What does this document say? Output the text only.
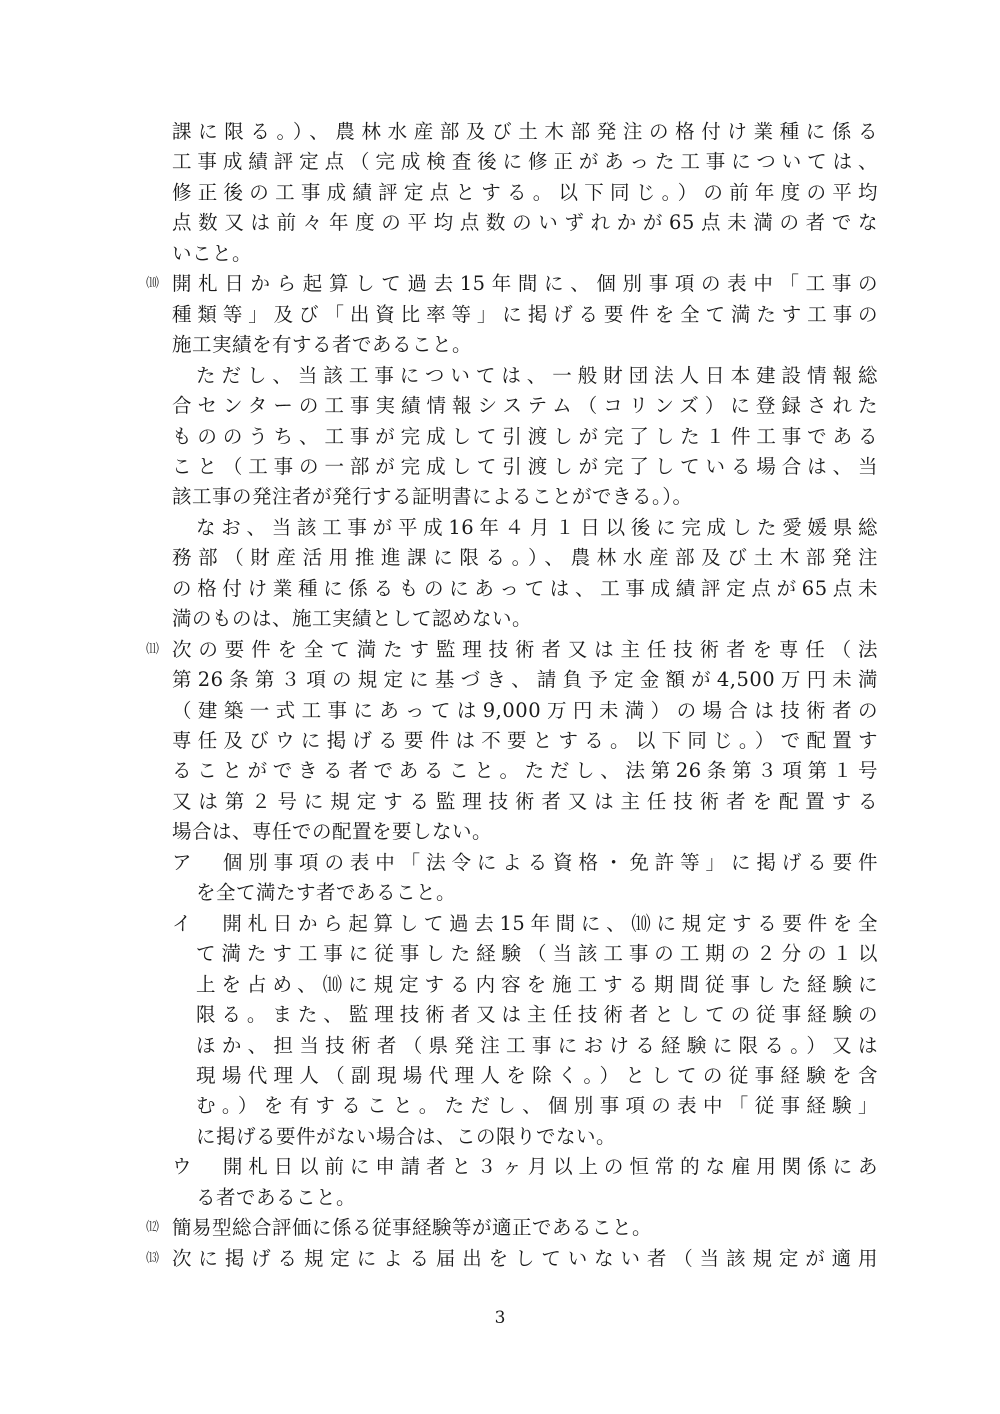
課に限る。）、農林水産部及び土木部発注の格付け業種に係る
工事成績評定点（完成検査後に修正があった工事については、
修正後の工事成績評定点とする。以下同じ。）の前年度の平均
点数又は前々年度の平均点数のいずれかが65点未満の者でな
いこと。
⑽ 開札日から起算して過去15年間に、個別事項の表中「工事の
種類等」及び「出資比率等」に掲げる要件を全て満たす工事の
施工実績を有する者であること。
ただし、当該工事については、一般財団法人日本建設情報総
合センターの工事実績情報システム（コリンズ）に登録された
もののうち、工事が完成して引渡しが完了した１件工事である
こと（工事の一部が完成して引渡しが完了している場合は、当
該工事の発注者が発行する証明書によることができる。）。
なお、当該工事が平成16年４月１日以後に完成した愛媛県総
務部（財産活用推進課に限る。）、農林水産部及び土木部発注
の格付け業種に係るものにあっては、工事成績評定点が65点未
満のものは、施工実績として認めない。
⑾ 次の要件を全て満たす監理技術者又は主任技術者を専任（法
第26条第３項の規定に基づき、請負予定金額が4,500万円未満
（建築一式工事にあっては9,000万円未満）の場合は技術者の
専任及びウに掲げる要件は不要とする。以下同じ。）で配置す
ることができる者であること。ただし、法第26条第３項第１号
又は第２号に規定する監理技術者又は主任技術者を配置する
場合は、専任での配置を要しない。
ア　個別事項の表中「法令による資格・免許等」に掲げる要件
を全て満たす者であること。
イ　開札日から起算して過去15年間に、⑽に規定する要件を全
て満たす工事に従事した経験（当該工事の工期の２分の１以
上を占め、⑽に規定する内容を施工する期間従事した経験に
限る。また、監理技術者又は主任技術者としての従事経験の
ほか、担当技術者（県発注工事における経験に限る。）又は
現場代理人（副現場代理人を除く。）としての従事経験を含
む。）を有すること。ただし、個別事項の表中「従事経験」
に掲げる要件がない場合は、この限りでない。
ウ　開札日以前に申請者と３ヶ月以上の恒常的な雇用関係にあ
る者であること。
⑿ 簡易型総合評価に係る従事経験等が適正であること。
⒀ 次に掲げる規定による届出をしていない者（当該規定が適用
3
